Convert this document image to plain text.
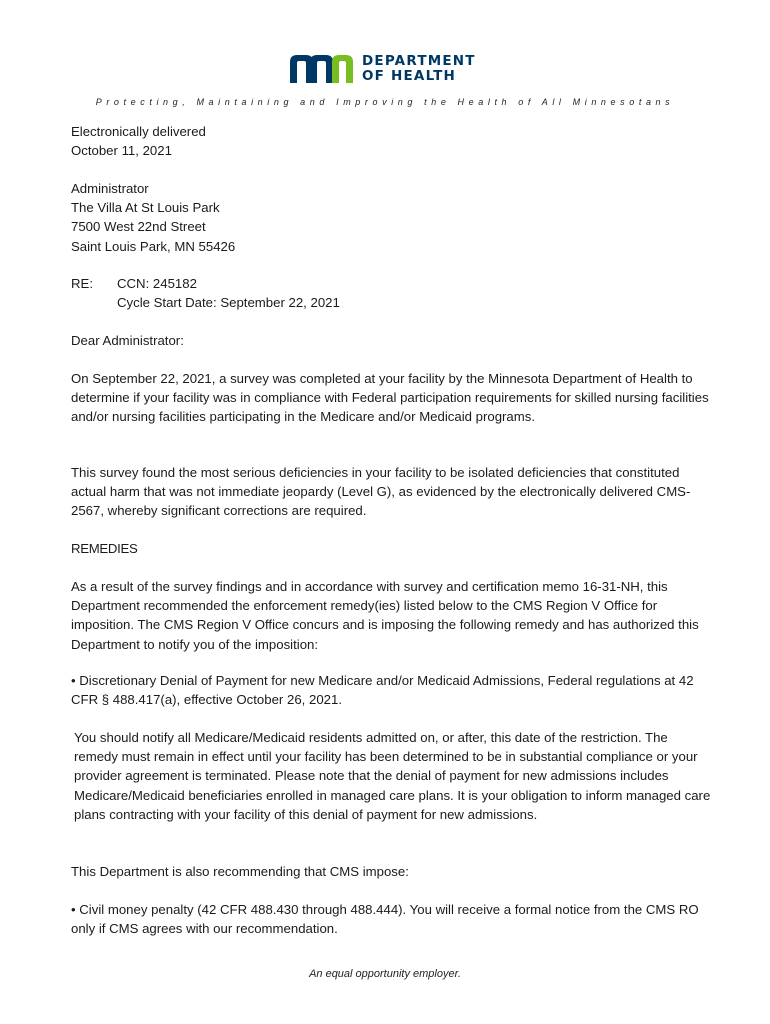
DEPARTMENT
OF HEALTH
Protecting, Maintaining and Improving the Health of All Minnesotans
Electronically delivered
October 11, 2021
Administrator
The Villa At St Louis Park
7500 West 22nd Street
Saint Louis Park, MN 55426
RE: CCN: 245182
Cycle Start Date: September 22, 2021
Dear Administrator:

On September 22, 2021, a survey was completed at your facility by the Minnesota Department of Health to determine if your facility was in compliance with Federal participation requirements for skilled nursing facilities and/or nursing facilities participating in the Medicare and/or Medicaid programs.

This survey found the most serious deficiencies in your facility to be isolated deficiencies that constituted actual harm that was not immediate jeopardy (Level G), as evidenced by the electronically delivered CMS-2567, whereby significant corrections are required.

REMEDIES

As a result of the survey findings and in accordance with survey and certification memo 16-31-NH, this Department recommended the enforcement remedy(ies) listed below to the CMS Region V Office for imposition. The CMS Region V Office concurs and is imposing the following remedy and has authorized this Department to notify you of the imposition:

• Discretionary Denial of Payment for new Medicare and/or Medicaid Admissions, Federal regulations at 42 CFR § 488.417(a), effective October 26, 2021.

You should notify all Medicare/Medicaid residents admitted on, or after, this date of the restriction. The remedy must remain in effect until your facility has been determined to be in substantial compliance or your provider agreement is terminated. Please note that the denial of payment for new admissions includes Medicare/Medicaid beneficiaries enrolled in managed care plans. It is your obligation to inform managed care plans contracting with your facility of this denial of payment for new admissions.

This Department is also recommending that CMS impose:

• Civil money penalty (42 CFR 488.430 through 488.444). You will receive a formal notice from the CMS RO only if CMS agrees with our recommendation.

An equal opportunity employer.
